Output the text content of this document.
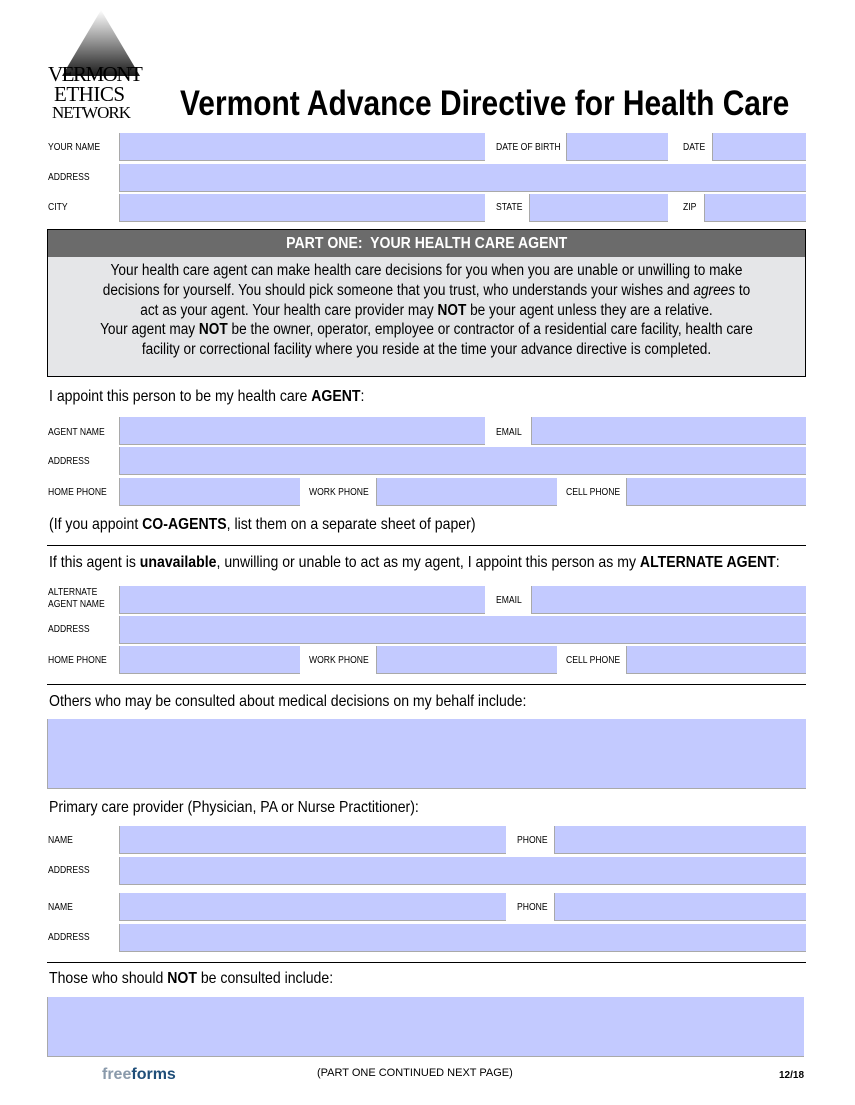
VERMONT
ETHICS
NETWORK Vermont Advance Directive for Health Care
YOUR NAME	DATE OF BIRTH	DATE
ADDRESS
CITY	STATE	ZIP
PART ONE:  YOUR HEALTH CARE AGENT
Your health care agent can make health care decisions for you when you are unable or unwilling to make
decisions for yourself. You should pick someone that you trust, who understands your wishes and agrees to
act as your agent. Your health care provider may NOT be your agent unless they are a relative.
Your agent may NOT be the owner, operator, employee or contractor of a residential care facility, health care
facility or correctional facility where you reside at the time your advance directive is completed.
I appoint this person to be my health care AGENT:
AGENT NAME	EMAIL
ADDRESS
HOME PHONE	WORK PHONE	CELL PHONE
(If you appoint CO-AGENTS, list them on a separate sheet of paper)
If this agent is unavailable, unwilling or unable to act as my agent, I appoint this person as my ALTERNATE AGENT:
ALTERNATE
AGENT NAME	EMAIL
ADDRESS
HOME PHONE	WORK PHONE	CELL PHONE
Others who may be consulted about medical decisions on my behalf include:
Primary care provider (Physician, PA or Nurse Practitioner):
NAME	PHONE
ADDRESS
NAME	PHONE
ADDRESS
Those who should NOT be consulted include:
freeforms	(PART ONE CONTINUED NEXT PAGE)	12/18
